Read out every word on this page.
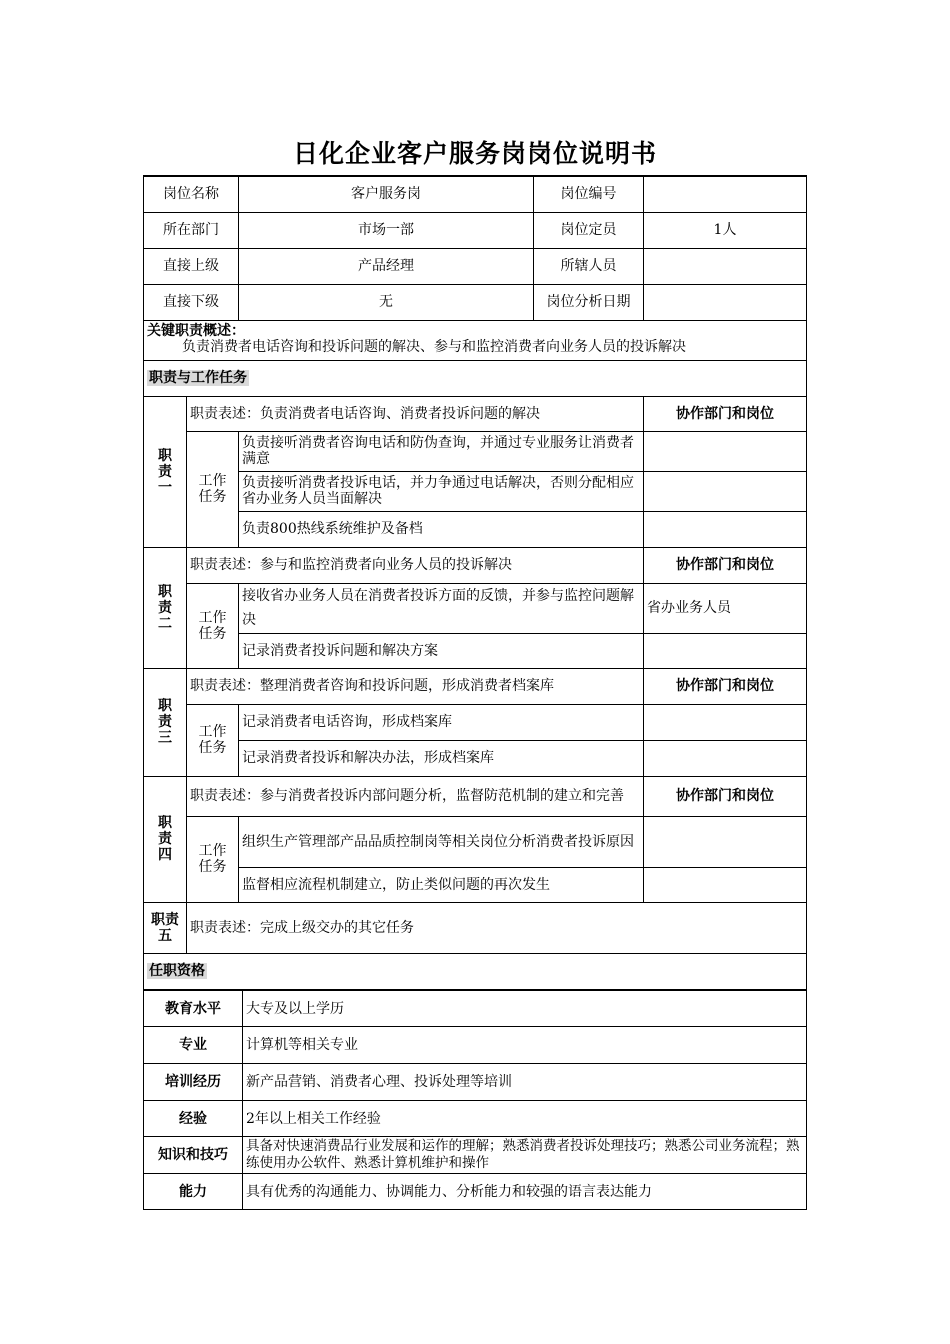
日化企业客户服务岗岗位说明书
岗位名称		客户服务岗	岗位编号	
所在部门		市场一部	岗位定员	1人
直接上级		产品经理	所辖人员	
直接下级		无	岗位分析日期	
关键职责概述：
负责消费者电话咨询和投诉问题的解决、参与和监控消费者向业务人员的投诉解决				

职责与工作任务				
职责一	职责表述：负责消费者电话咨询、消费者投诉问题的解决			协作部门和岗位
	工作任务	负责接听消费者咨询电话和防伪查询，并通过专业服务让消费者满意		
		负责接听消费者投诉电话，并力争通过电话解决，否则分配相应省办业务人员当面解决		
		负责800热线系统维护及备档		
职责二	职责表述：参与和监控消费者向业务人员的投诉解决			协作部门和岗位
	工作任务	接收省办业务人员在消费者投诉方面的反馈，并参与监控问题解决		省办业务人员
		记录消费者投诉问题和解决方案		
职责三	职责表述：整理消费者咨询和投诉问题，形成消费者档案库			协作部门和岗位
	工作任务	记录消费者电话咨询，形成档案库		
		记录消费者投诉和解决办法，形成档案库		
职责四	职责表述：参与消费者投诉内部问题分析，监督防范机制的建立和完善			协作部门和岗位
	工作任务	组织生产管理部产品品质控制岗等相关岗位分析消费者投诉原因		
		监督相应流程机制建立，防止类似问题的再次发生		
职责五	职责表述：完成上级交办的其它任务			
任职资格				
教育水平	大专及以上学历
专业	计算机等相关专业
培训经历	新产品营销、消费者心理、投诉处理等培训
经验	2年以上相关工作经验
知识和技巧	具备对快速消费品行业发展和运作的理解；熟悉消费者投诉处理技巧；熟悉公司业务流程；熟练使用办公软件、熟悉计算机维护和操作
能力	具有优秀的沟通能力、协调能力、分析能力和较强的语言表达能力
